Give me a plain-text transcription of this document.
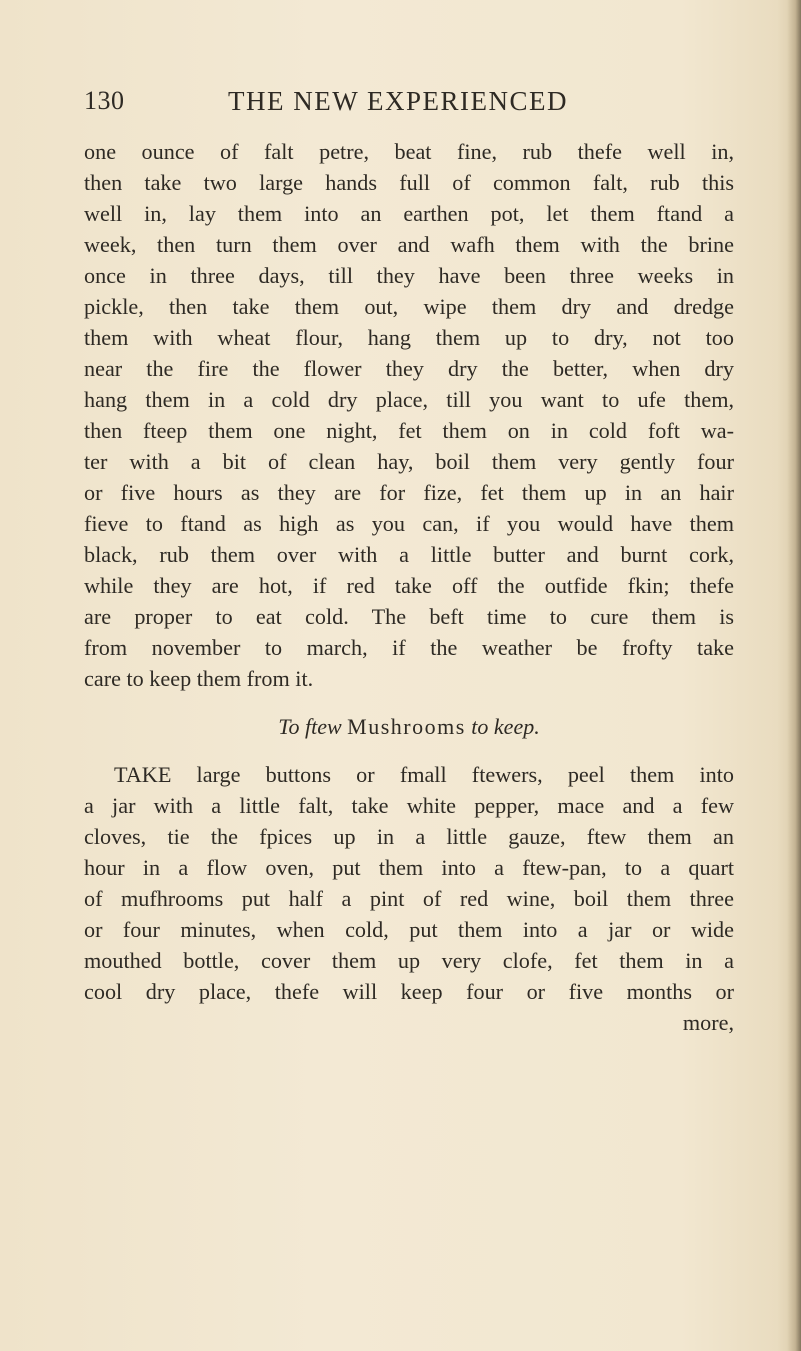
130	THE NEW EXPERIENCED
one ounce of falt petre, beat fine, rub thefe well in,
then take two large hands full of common falt, rub this
well in, lay them into an earthen pot, let them ftand a
week, then turn them over and wafh them with the brine
once in three days, till they have been three weeks in
pickle, then take them out, wipe them dry and dredge
them with wheat flour, hang them up to dry, not too
near the fire the flower they dry the better, when dry
hang them in a cold dry place, till you want to ufe them,
then fteep them one night, fet them on in cold foft wa-
ter with a bit of clean hay, boil them very gently four
or five hours as they are for fize, fet them up in an hair
fieve to ftand as high as you can, if you would have them
black, rub them over with a little butter and burnt cork,
while they are hot, if red take off the outfide fkin; thefe
are proper to eat cold. The beft time to cure them is
from november to march, if the weather be frofty take
care to keep them from it.
To ftew Mushrooms to keep.
TAKE large buttons or fmall ftewers, peel them into
a jar with a little falt, take white pepper, mace and a few
cloves, tie the fpices up in a little gauze, ftew them an
hour in a flow oven, put them into a ftew-pan, to a quart
of mufhrooms put half a pint of red wine, boil them three
or four minutes, when cold, put them into a jar or wide
mouthed bottle, cover them up very clofe, fet them in a
cool dry place, thefe will keep four or five months or
more,
